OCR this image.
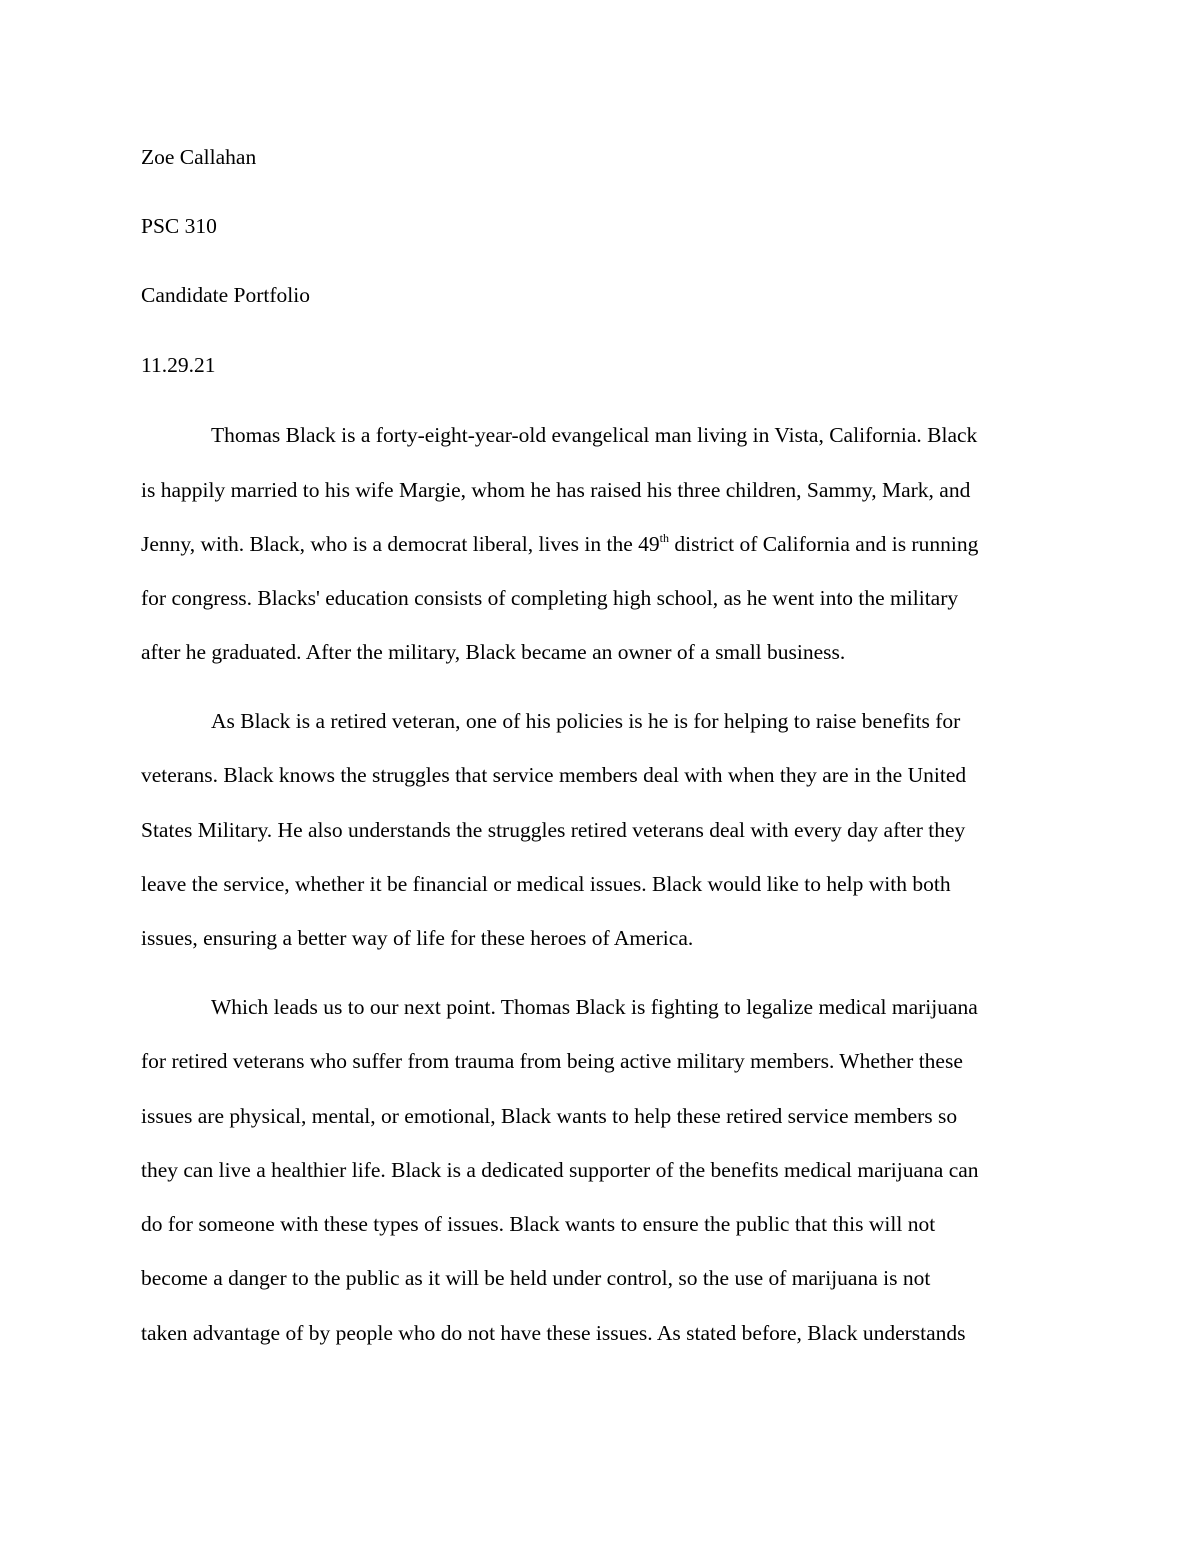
Zoe Callahan
PSC 310
Candidate Portfolio
11.29.21
Thomas Black is a forty-eight-year-old evangelical man living in Vista, California. Black
is happily married to his wife Margie, whom he has raised his three children, Sammy, Mark, and
Jenny, with. Black, who is a democrat liberal, lives in the 49th district of California and is running
for congress. Blacks' education consists of completing high school, as he went into the military
after he graduated. After the military, Black became an owner of a small business.
As Black is a retired veteran, one of his policies is he is for helping to raise benefits for
veterans. Black knows the struggles that service members deal with when they are in the United
States Military. He also understands the struggles retired veterans deal with every day after they
leave the service, whether it be financial or medical issues. Black would like to help with both
issues, ensuring a better way of life for these heroes of America.
Which leads us to our next point. Thomas Black is fighting to legalize medical marijuana
for retired veterans who suffer from trauma from being active military members. Whether these
issues are physical, mental, or emotional, Black wants to help these retired service members so
they can live a healthier life. Black is a dedicated supporter of the benefits medical marijuana can
do for someone with these types of issues. Black wants to ensure the public that this will not
become a danger to the public as it will be held under control, so the use of marijuana is not
taken advantage of by people who do not have these issues. As stated before, Black understands
